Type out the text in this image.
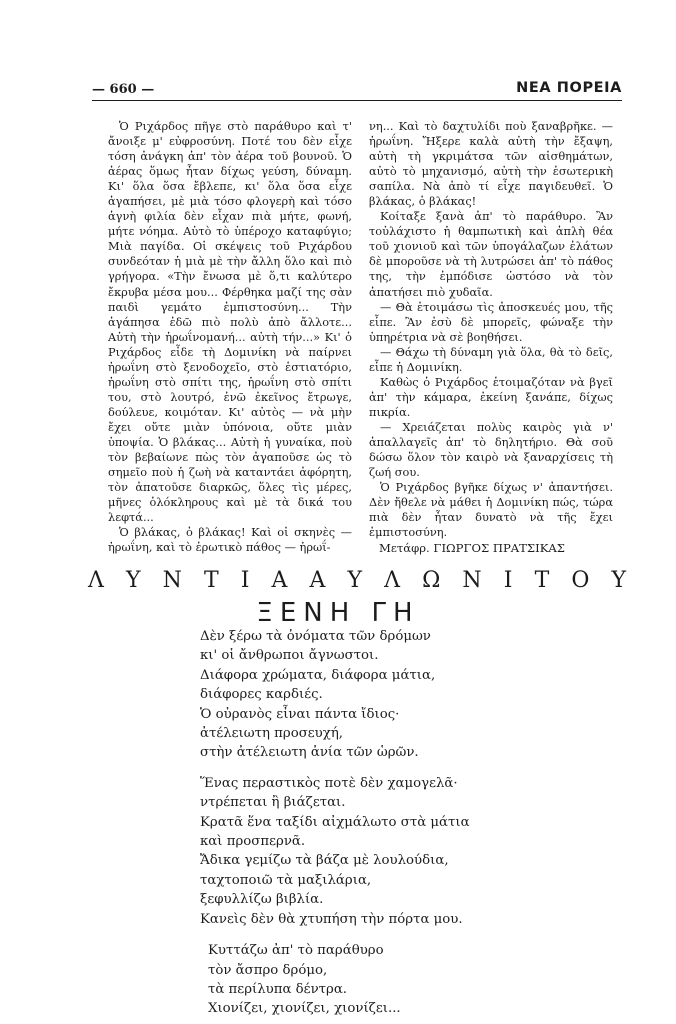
— 660 —	ΝΕΑ ΠΟΡΕΙΑ

Ὁ Ριχάρδος πῆγε στὸ παράθυρο καὶ τ' ἄνοιξε μ' εὐφροσύνη. Ποτέ του δὲν εἶχε τόση ἀνάγκη ἀπ' τὸν ἀέρα τοῦ βουνοῦ. Ὁ ἀέρας ὅμως ἦταν δίχως γεύση, δύναμη. Κι' ὅλα ὅσα ἔβλεπε, κι' ὅλα ὅσα εἶχε ἀγαπήσει, μὲ μιὰ τόσο φλογερὴ καὶ τόσο ἁγνὴ φιλία δὲν εἶχαν πιὰ μήτε, φωνή, μήτε νόημα. Αὐτὸ τὸ ὑπέροχο καταφύγιο; Μιὰ παγίδα. Οἱ σκέψεις τοῦ Ριχάρδου συνδεόταν ἡ μιὰ μὲ τὴν ἄλλη ὅλο καὶ πιὸ γρήγορα. «Τὴν ἔνωσα μὲ ὅ,τι καλύτερο ἔκρυβα μέσα μου... Φέρθηκα μαζί της σὰν παιδὶ γεμάτο ἐμπιστοσύνη... Τὴν ἀγάπησα ἐδῶ πιὸ πολὺ ἀπὸ ἄλλοτε... Αὐτὴ τὴν ἡρωΐνομανή... αὐτὴ τήν...» Κι' ὁ Ριχάρδος εἶδε τὴ Δομινίκη νὰ παίρνει ἡρωΐνη στὸ ξενοδοχεῖο, στὸ ἑστιατόριο, ἡρωΐνη στὸ σπίτι της, ἡρωΐνη στὸ σπίτι του, στὸ λουτρό, ἐνῶ ἐκεῖνος ἔτρωγε, δούλευε, κοιμόταν. Κι' αὐτὸς — νὰ μὴν ἔχει οὔτε μιὰν ὑπόνοια, οὔτε μιὰν ὑποψία. Ὁ βλάκας... Αὐτὴ ἡ γυναίκα, ποὺ τὸν βεβαίωνε πὼς τὸν ἀγαποῦσε ὡς τὸ σημεῖο ποὺ ἡ ζωὴ νὰ καταντάει ἀφόρητη, τὸν ἀπατοῦσε διαρκῶς, ὅλες τὶς μέρες, μῆνες ὁλόκληρους καὶ μὲ τὰ δικά του λεφτά...

Ὁ βλάκας, ὁ βλάκας! Καὶ οἱ σκηνὲς — ἡρωΐνη, καὶ τὸ ἐρωτικὸ πάθος — ἡρωΐ-

νη... Καὶ τὸ δαχτυλίδι ποὺ ξαναβρῆκε. — ἡρωΐνη. Ἤξερε καλὰ αὐτὴ τὴν ἔξαψη, αὐτὴ τὴ γκριμάτσα τῶν αἰσθημάτων, αὐτὸ τὸ μηχανισμό, αὐτὴ τὴν ἐσωτερικὴ σαπίλα. Νὰ ἀπὸ τί εἶχε παγιδευθεῖ. Ὁ βλάκας, ὁ βλάκας!

Κοίταξε ξανὰ ἀπ' τὸ παράθυρο. Ἂν τοὐλάχιστο ἡ θαμπωτικὴ καὶ ἁπλὴ θέα τοῦ χιονιοῦ καὶ τῶν ὑπογάλαζων ἐλάτων δὲ μποροῦσε νὰ τὴ λυτρώσει ἀπ' τὸ πάθος της, τὴν ἐμπόδισε ὡστόσο νὰ τὸν ἀπατήσει πιὸ χυδαῖα.

— Θὰ ἑτοιμάσω τὶς ἀποσκευές μου, τῆς εἶπε. Ἂν ἐσὺ δὲ μπορεῖς, φώναξε τὴν ὑπηρέτρια νὰ σὲ βοηθήσει.

— Θάχω τὴ δύναμη γιὰ ὅλα, θὰ τὸ δεῖς, εἶπε ἡ Δομινίκη.

Καθὼς ὁ Ριχάρδος ἑτοιμαζόταν νὰ βγεῖ ἀπ' τὴν κάμαρα, ἐκείνη ξανάπε, δίχως πικρία.

— Χρειάζεται πολὺς καιρὸς γιὰ ν' ἀπαλλαγεῖς ἀπ' τὸ δηλητήριο. Θὰ σοῦ δώσω ὅλον τὸν καιρὸ νὰ ξαναρχίσεις τὴ ζωή σου.

Ὁ Ριχάρδος βγῆκε δίχως ν' ἀπαντήσει. Δὲν ἤθελε νὰ μάθει ἡ Δομινίκη πώς, τώρα πιὰ δὲν ἦταν δυνατὸ νὰ τῆς ἔχει ἐμπιστοσύνη.

Μετάφρ. ΓΙΩΡΓΟΣ ΠΡΑΤΣΙΚΑΣ

Λ Υ Ν Τ Ι Α Α Υ Λ Ω Ν Ι Τ Ο Υ
ΞΕΝΗ ΓΗ
Δὲν ξέρω τὰ ὀνόματα τῶν δρόμων
κι' οἱ ἄνθρωποι ἄγνωστοι.
Διάφορα χρώματα, διάφορα μάτια,
διάφορες καρδιές.
Ὁ οὐρανὸς εἶναι πάντα ἴδιος·
ἀτέλειωτη προσευχή,
στὴν ἀτέλειωτη ἀνία τῶν ὡρῶν.
Ἕνας περαστικὸς ποτὲ δὲν χαμογελᾶ·
ντρέπεται ἢ βιάζεται.
Κρατᾶ ἕνα ταξίδι αἰχμάλωτο στὰ μάτια
καὶ προσπερνᾶ.
Ἄδικα γεμίζω τὰ βάζα μὲ λουλούδια,
ταχτοποιῶ τὰ μαξιλάρια,
ξεφυλλίζω βιβλία.
Κανεὶς δὲν θὰ χτυπήση τὴν πόρτα μου.
Κυττάζω ἀπ' τὸ παράθυρο
τὸν ἄσπρο δρόμο,
τὰ περίλυπα δέντρα.
Χιονίζει, χιονίζει, χιονίζει...
